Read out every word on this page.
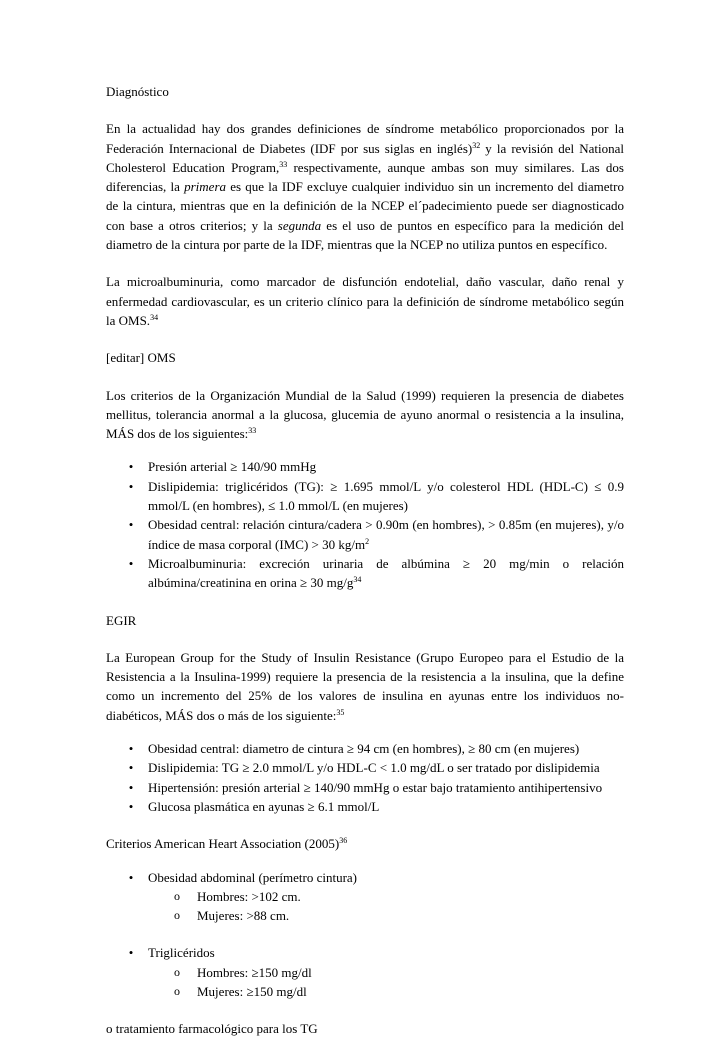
Diagnóstico

En la actualidad hay dos grandes definiciones de síndrome metabólico proporcionados por la Federación Internacional de Diabetes (IDF por sus siglas en inglés)$^{32}$ y la revisión del National Cholesterol Education Program,$^{33}$ respectivamente, aunque ambas son muy similares. Las dos diferencias, la primera es que la IDF excluye cualquier individuo sin un incremento del diametro de la cintura, mientras que en la definición de la NCEP el´padecimiento puede ser diagnosticado con base a otros criterios; y la segunda es el uso de puntos en específico para la medición del diametro de la cintura por parte de la IDF, mientras que la NCEP no utiliza puntos en específico.

La microalbuminuria, como marcador de disfunción endotelial, daño vascular, daño renal y enfermedad cardiovascular, es un criterio clínico para la definición de síndrome metabólico según la OMS.$^{34}$

[editar] OMS

Los criterios de la Organización Mundial de la Salud (1999) requieren la presencia de diabetes mellitus, tolerancia anormal a la glucosa, glucemia de ayuno anormal o resistencia a la insulina, MÁS dos de los siguientes:$^{33}$

• Presión arterial ≥ 140/90 mmHg
• Dislipidemia: triglicéridos (TG): ≥ 1.695 mmol/L y/o colesterol HDL (HDL-C) ≤ 0.9 mmol/L (en hombres), ≤ 1.0 mmol/L (en mujeres)
• Obesidad central: relación cintura/cadera > 0.90m (en hombres), > 0.85m (en mujeres), y/o índice de masa corporal (IMC) > 30 $kg/m^2$
• Microalbuminuria: excreción urinaria de albúmina ≥ 20 mg/min o relación albúmina/creatinina en orina ≥ 30 $mg/g^{34}$

EGIR

La European Group for the Study of Insulin Resistance (Grupo Europeo para el Estudio de la Resistencia a la Insulina-1999) requiere la presencia de la resistencia a la insulina, que la define como un incremento del 25% de los valores de insulina en ayunas entre los individuos no-diabéticos, MÁS dos o más de los siguiente:$^{35}$

• Obesidad central: diametro de cintura ≥ 94 cm (en hombres), ≥ 80 cm (en mujeres)
• Dislipidemia: TG ≥ 2.0 mmol/L y/o HDL-C < 1.0 mg/dL o ser tratado por dislipidemia
• Hipertensión: presión arterial ≥ 140/90 mmHg o estar bajo tratamiento antihipertensivo
• Glucosa plasmática en ayunas ≥ 6.1 mmol/L

Criterios American Heart Association $(2005)^{36}$

• Obesidad abdominal (perímetro cintura)
o Hombres: >102 cm.
o Mujeres: >88 cm.
• Triglicéridos
o Hombres: ≥150 mg/dl
o Mujeres: ≥150 mg/dl

o tratamiento farmacológico para los TG
